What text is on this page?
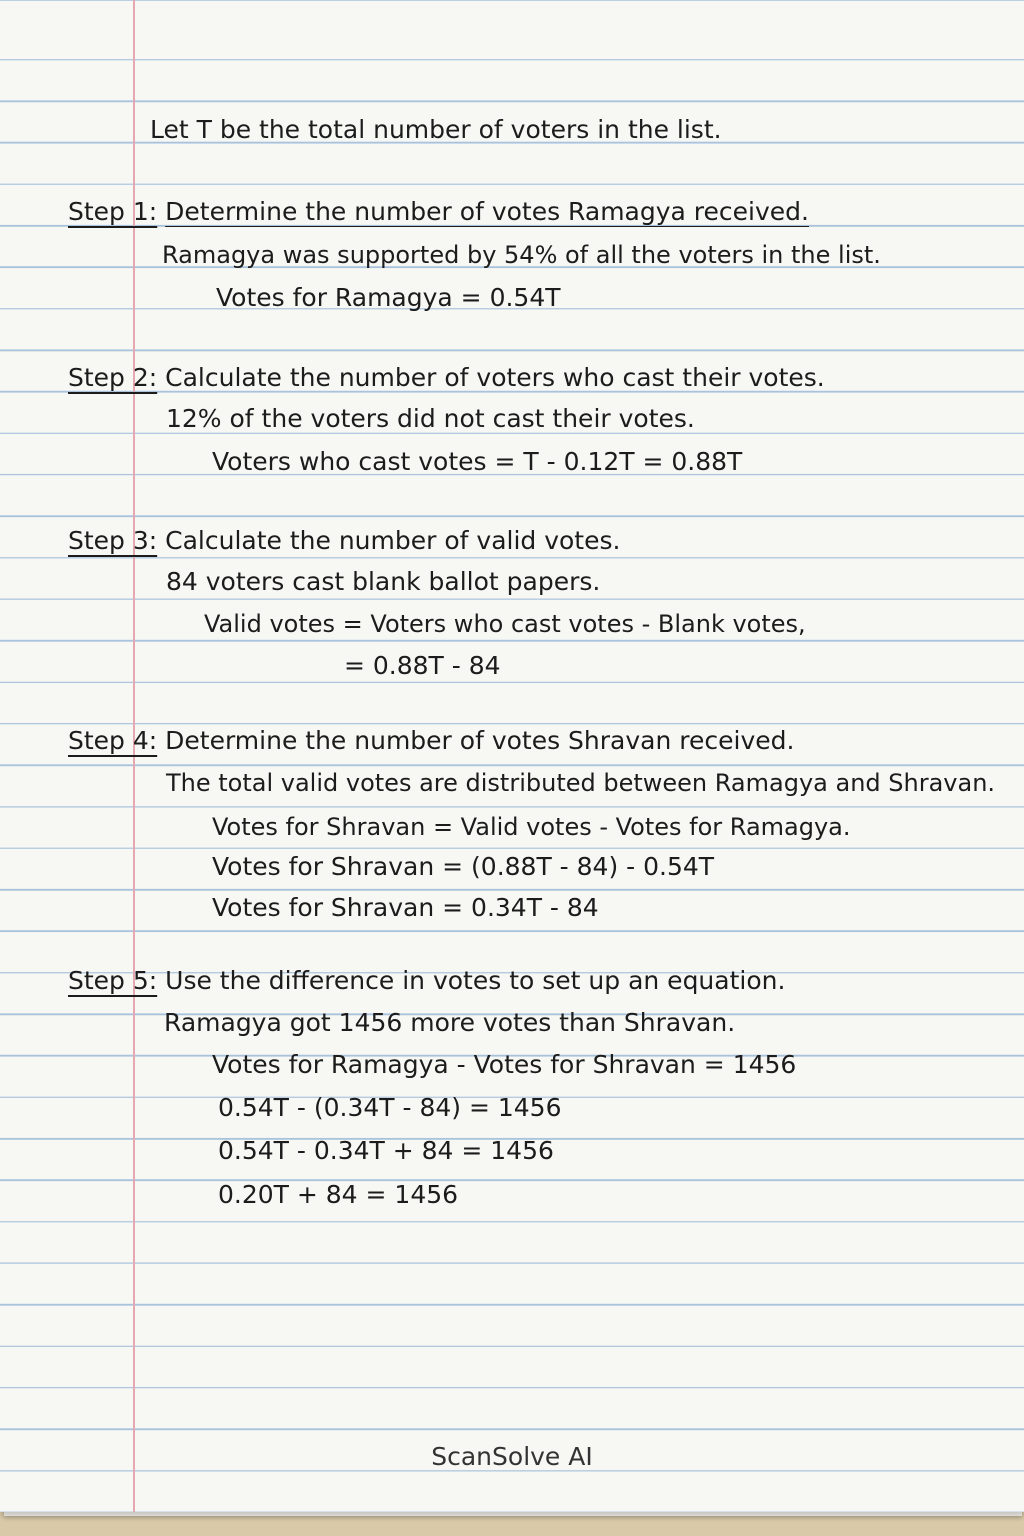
Let T be the total number of voters in the list.
Step 1: Determine the number of votes Ramagya received.
Ramagya was supported by 54% of all the voters in the list.
Votes for Ramagya = 0.54T
Step 2: Calculate the number of voters who cast their votes.
12% of the voters did not cast their votes.
Voters who cast votes = T - 0.12T = 0.88T
Step 3: Calculate the number of valid votes.
84 voters cast blank ballot papers.
Valid votes = Voters who cast votes - Blank votes,
= 0.88T - 84
Step 4: Determine the number of votes Shravan received.
The total valid votes are distributed between Ramagya and Shravan.
Votes for Shravan = Valid votes - Votes for Ramagya.
Votes for Shravan = (0.88T - 84) - 0.54T
Votes for Shravan = 0.34T - 84
Step 5: Use the difference in votes to set up an equation.
Ramagya got 1456 more votes than Shravan.
Votes for Ramagya - Votes for Shravan = 1456
0.54T - (0.34T - 84) = 1456
0.54T - 0.34T + 84 = 1456
0.20T + 84 = 1456
ScanSolve AI
